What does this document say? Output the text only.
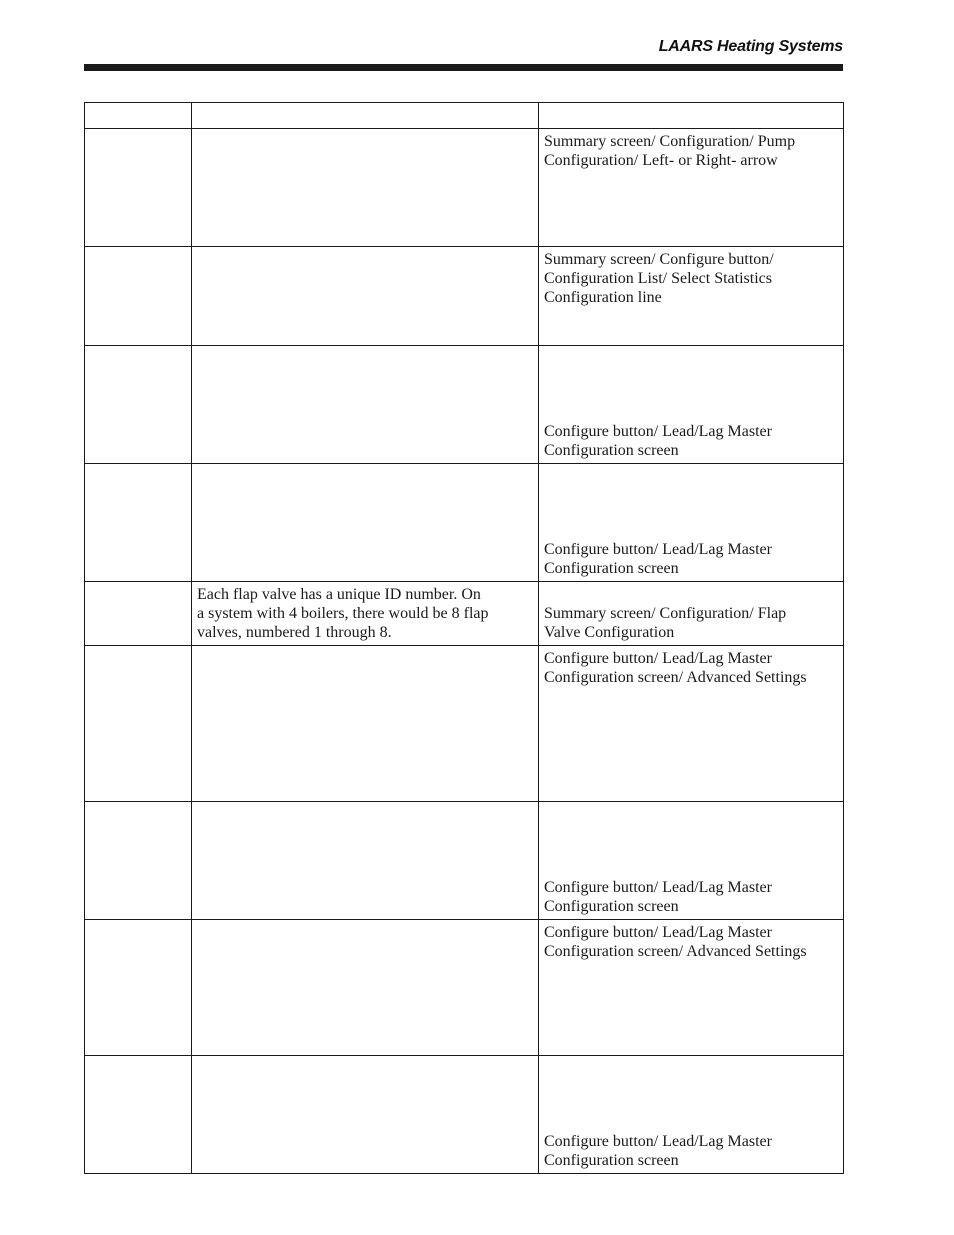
LAARS Heating Systems

		Summary screen/ Configuration/ Pump
Configuration/ Left- or Right- arrow

		Summary screen/ Configure button/
Configuration List/ Select Statistics
Configuration line

		Configure button/ Lead/Lag Master
Configuration screen

		Configure button/ Lead/Lag Master
Configuration screen

	Each flap valve has a unique ID number. On
a system with 4 boilers, there would be 8 flap
valves, numbered 1 through 8.	Summary screen/ Configuration/ Flap
Valve Configuration

		Configure button/ Lead/Lag Master
Configuration screen/ Advanced Settings

		Configure button/ Lead/Lag Master
Configuration screen

		Configure button/ Lead/Lag Master
Configuration screen/ Advanced Settings

		Configure button/ Lead/Lag Master
Configuration screen
